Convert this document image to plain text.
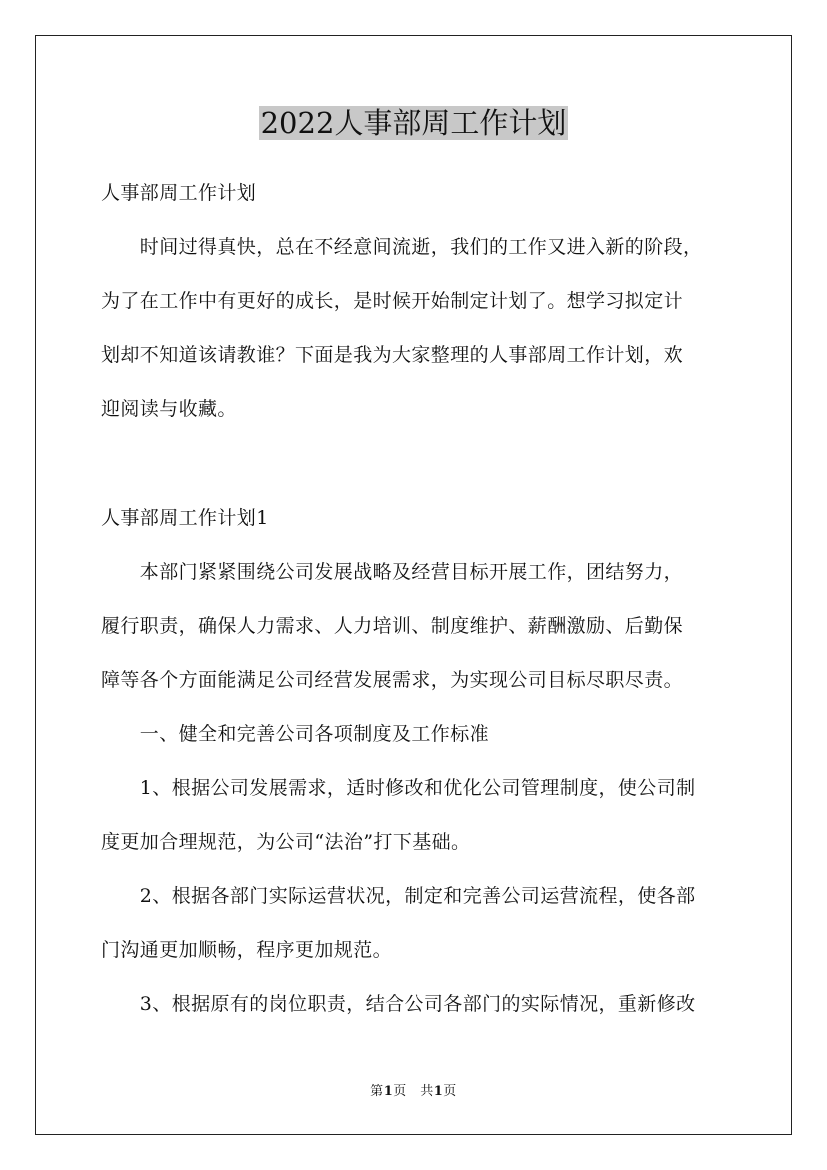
2022人事部周工作计划

人事部周工作计划

　　时间过得真快，总在不经意间流逝，我们的工作又进入新的阶段，

为了在工作中有更好的成长，是时候开始制定计划了。想学习拟定计

划却不知道该请教谁？下面是我为大家整理的人事部周工作计划，欢

迎阅读与收藏。

人事部周工作计划1

　　本部门紧紧围绕公司发展战略及经营目标开展工作，团结努力，

履行职责，确保人力需求、人力培训、制度维护、薪酬激励、后勤保

障等各个方面能满足公司经营发展需求，为实现公司目标尽职尽责。

　　一、健全和完善公司各项制度及工作标准

　　1、根据公司发展需求，适时修改和优化公司管理制度，使公司制

度更加合理规范，为公司“法治”打下基础。

　　2、根据各部门实际运营状况，制定和完善公司运营流程，使各部

门沟通更加顺畅，程序更加规范。

　　3、根据原有的岗位职责，结合公司各部门的实际情况，重新修改

第1页　共1页
